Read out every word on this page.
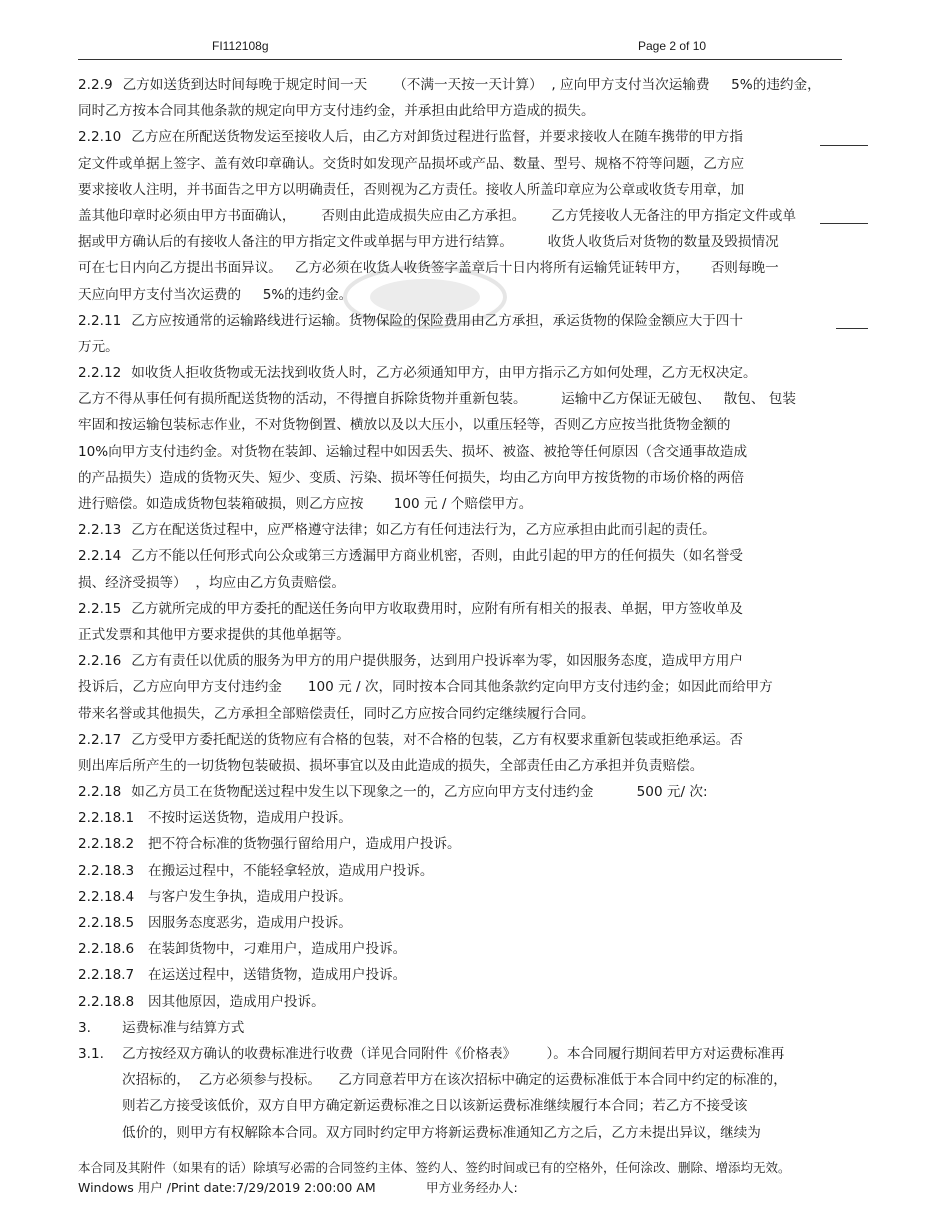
FI112108g	Page 2 of 10
2.2.9 乙方如送货到达时间每晚于规定时间一天      （不满一天按一天计算）  , 应向甲方支付当次运输费     5%的违约金，
同时乙方按本合同其他条款的规定向甲方支付违约金，并承担由此给甲方造成的损失。
2.2.10 乙方应在所配送货物发运至接收人后，由乙方对卸货过程进行监督，并要求接收人在随车携带的甲方指
定文件或单据上签字、盖有效印章确认。交货时如发现产品损坏或产品、数量、型号、规格不符等问题，乙方应
要求接收人注明，并书面告之甲方以明确责任，否则视为乙方责任。接收人所盖印章应为公章或收货专用章，加
盖其他印章时必须由甲方书面确认，      否则由此造成损失应由乙方承担。      乙方凭接收人无备注的甲方指定文件或单
据或甲方确认后的有接收人备注的甲方指定文件或单据与甲方进行结算。        收货人收货后对货物的数量及毁损情况
可在七日内向乙方提出书面异议。   乙方必须在收货人收货签字盖章后十日内将所有运输凭证转甲方，     否则每晚一
天应向甲方支付当次运费的     5%的违约金。
2.2.11 乙方应按通常的运输路线进行运输。货物保险的保险费用由乙方承担，承运货物的保险金额应大于四十
万元。
2.2.12 如收货人拒收货物或无法找到收货人时，乙方必须通知甲方，由甲方指示乙方如何处理，乙方无权决定。
乙方不得从事任何有损所配送货物的活动，不得擅自拆除货物并重新包装。        运输中乙方保证无破包、   散包、 包装
牢固和按运输包装标志作业，不对货物倒置、横放以及以大压小，以重压轻等，否则乙方应按当批货物金额的
10%向甲方支付违约金。对货物在装卸、运输过程中如因丢失、损坏、被盗、被抢等任何原因（含交通事故造成
的产品损失）造成的货物灭失、短少、变质、污染、损坏等任何损失，均由乙方向甲方按货物的市场价格的两倍
进行赔偿。如造成货物包装箱破损，则乙方应按       100 元 / 个赔偿甲方。
2.2.13 乙方在配送货过程中，应严格遵守法律；如乙方有任何违法行为，乙方应承担由此而引起的责任。
2.2.14 乙方不能以任何形式向公众或第三方透漏甲方商业机密，否则，由此引起的甲方的任何损失（如名誉受
损、经济受损等）  ，均应由乙方负责赔偿。
2.2.15 乙方就所完成的甲方委托的配送任务向甲方收取费用时，应附有所有相关的报表、单据，甲方签收单及
正式发票和其他甲方要求提供的其他单据等。
2.2.16 乙方有责任以优质的服务为甲方的用户提供服务，达到用户投诉率为零，如因服务态度，造成甲方用户
投诉后，乙方应向甲方支付违约金      100 元 / 次，同时按本合同其他条款约定向甲方支付违约金；如因此而给甲方
带来名誉或其他损失，乙方承担全部赔偿责任，同时乙方应按合同约定继续履行合同。
2.2.17 乙方受甲方委托配送的货物应有合格的包装，对不合格的包装，乙方有权要求重新包装或拒绝承运。否
则出库后所产生的一切货物包装破损、损坏事宜以及由此造成的损失，全部责任由乙方承担并负责赔偿。
2.2.18 如乙方员工在货物配送过程中发生以下现象之一的，乙方应向甲方支付违约金          500 元/ 次:
2.2.18.1 不按时运送货物，造成用户投诉。
2.2.18.2 把不符合标准的货物强行留给用户，造成用户投诉。
2.2.18.3 在搬运过程中，不能轻拿轻放，造成用户投诉。
2.2.18.4 与客户发生争执，造成用户投诉。
2.2.18.5 因服务态度恶劣，造成用户投诉。
2.2.18.6 在装卸货物中，刁难用户，造成用户投诉。
2.2.18.7 在运送过程中，送错货物，造成用户投诉。
2.2.18.8 因其他原因，造成用户投诉。
3. 运费标准与结算方式
3.1. 乙方按经双方确认的收费标准进行收费（详见合同附件《价格表》       ）。本合同履行期间若甲方对运费标准再
次招标的，  乙方必须参与投标。    乙方同意若甲方在该次招标中确定的运费标准低于本合同中约定的标准的，
则若乙方接受该低价，双方自甲方确定新运费标准之日以该新运费标准继续履行本合同；若乙方不接受该
低价的，则甲方有权解除本合同。双方同时约定甲方将新运费标准通知乙方之后，乙方未提出异议，继续为
本合同及其附件（如果有的话）除填写必需的合同签约主体、签约人、签约时间或已有的空格外，任何涂改、删除、增添均无效。
Windows 用户 /Print date:7/29/2019 2:00:00 AM	甲方业务经办人:
